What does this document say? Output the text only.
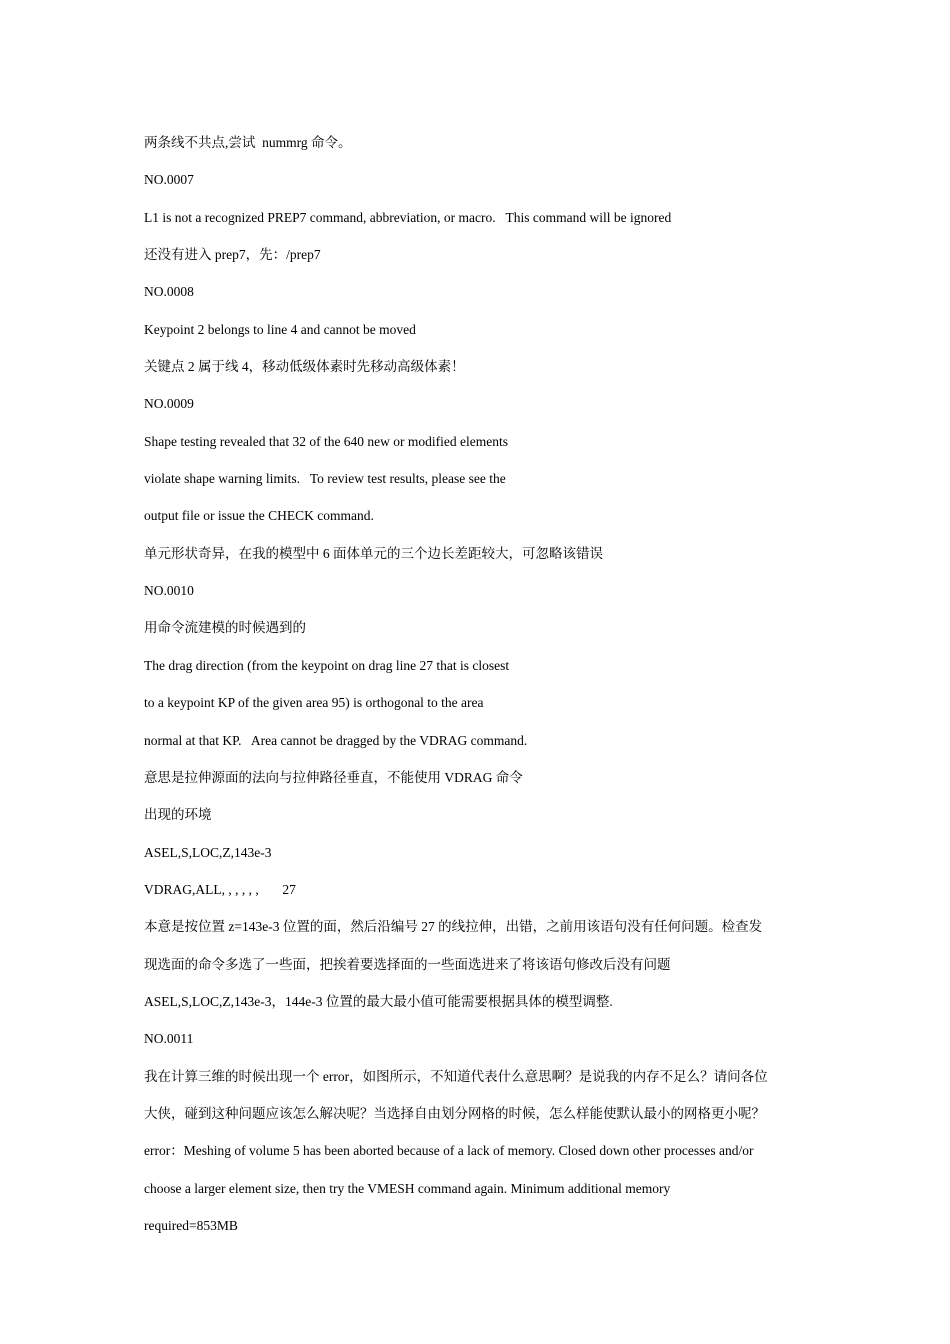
两条线不共点,尝试  nummrg 命令。
NO.0007
L1 is not a recognized PREP7 command, abbreviation, or macro.   This command will be ignored
还没有进入 prep7，先：/prep7
NO.0008
Keypoint 2 belongs to line 4 and cannot be moved
关键点 2 属于线 4，移动低级体素时先移动高级体素！
NO.0009
Shape testing revealed that 32 of the 640 new or modified elements
violate shape warning limits.   To review test results, please see the
output file or issue the CHECK command.
单元形状奇异，在我的模型中 6 面体单元的三个边长差距较大，可忽略该错误
NO.0010
用命令流建模的时候遇到的
The drag direction (from the keypoint on drag line 27 that is closest
to a keypoint KP of the given area 95) is orthogonal to the area
normal at that KP.   Area cannot be dragged by the VDRAG command.
意思是拉伸源面的法向与拉伸路径垂直，不能使用 VDRAG 命令
出现的环境
ASEL,S,LOC,Z,143e-3
VDRAG,ALL, , , , , ,       27
本意是按位置 z=143e-3 位置的面，然后沿编号 27 的线拉伸，出错，之前用该语句没有任何问题。检查发
现选面的命令多选了一些面，把挨着要选择面的一些面选进来了将该语句修改后没有问题
ASEL,S,LOC,Z,143e-3，144e-3 位置的最大最小值可能需要根据具体的模型调整.
NO.0011
我在计算三维的时候出现一个 error，如图所示，不知道代表什么意思啊？是说我的内存不足么？请问各位
大侠，碰到这种问题应该怎么解决呢？当选择自由划分网格的时候，怎么样能使默认最小的网格更小呢？
error：Meshing of volume 5 has been aborted because of a lack of memory. Closed down other processes and/or
choose a larger element size, then try the VMESH command again. Minimum additional memory
required=853MB
